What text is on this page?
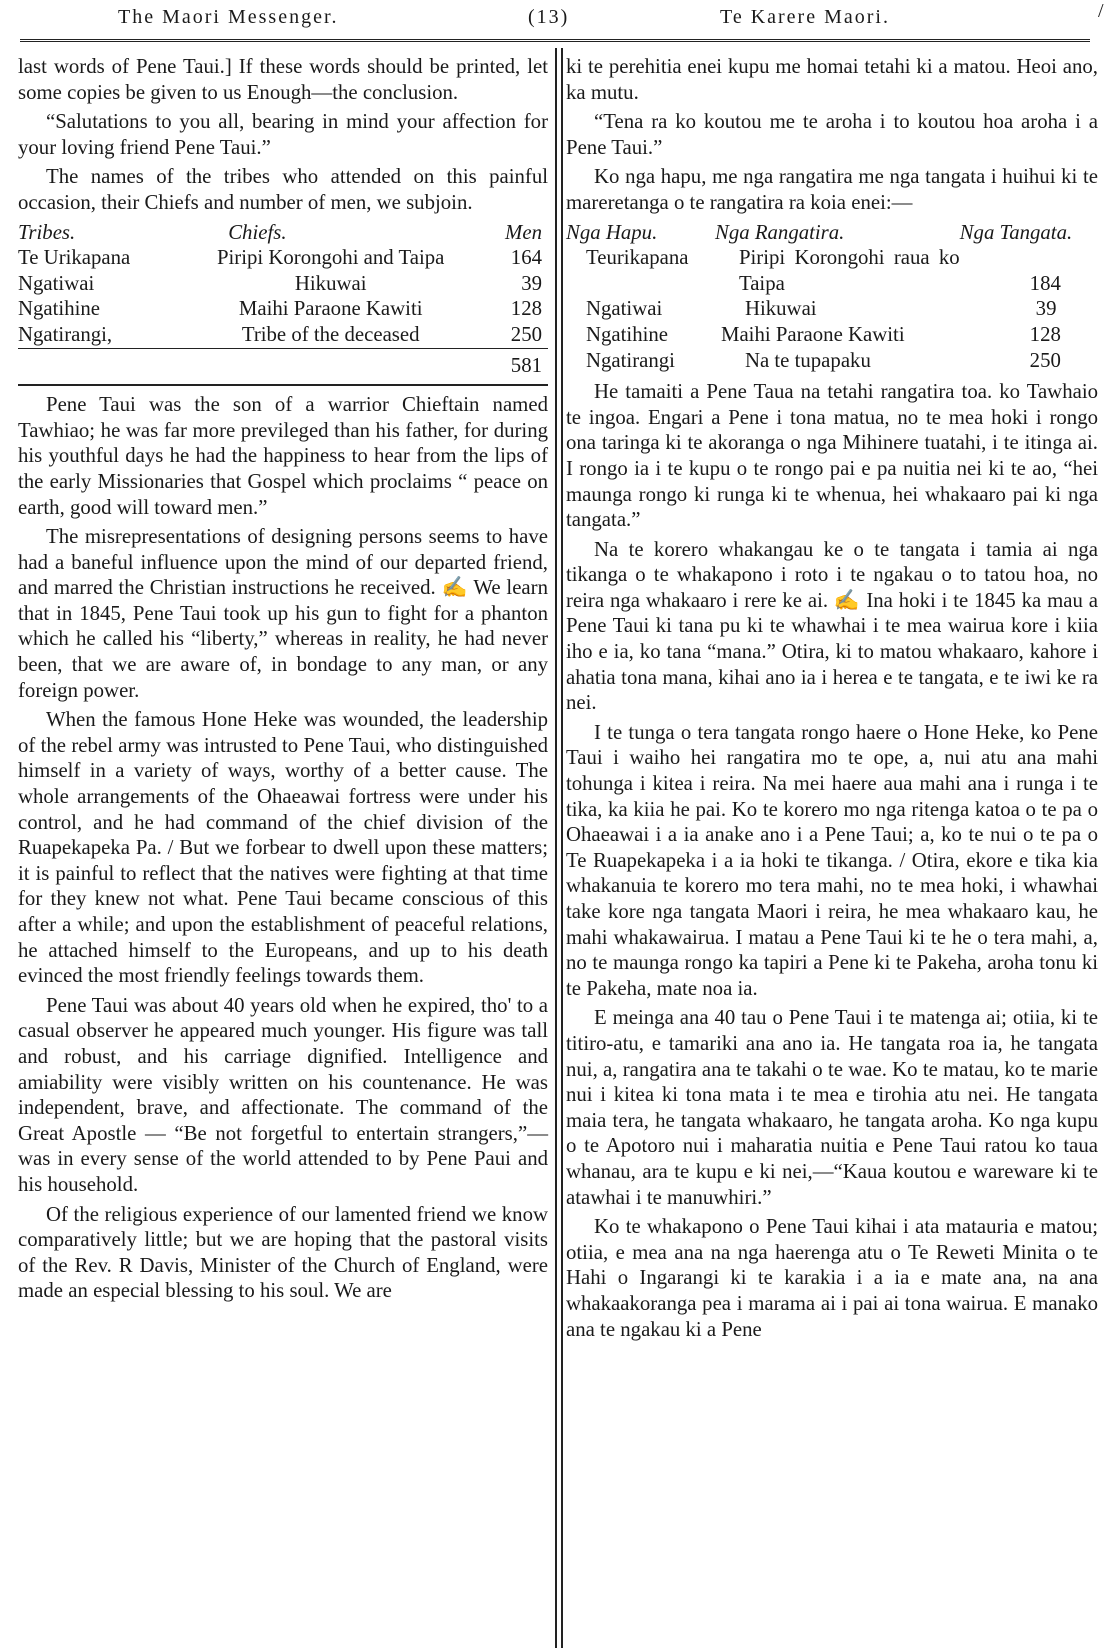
The Maori Messenger.	(13)	Te Karere Maori.	/

last words of Pene Taui.] If these words should be printed, let some copies be given to us Enough—the conclusion.

“Salutations to you all, bearing in mind your affection for your loving friend Pene Taui.”

The names of the tribes who attended on this painful occasion, their Chiefs and number of men, we subjoin.

Tribes.	Chiefs.	Men
Te Urikapana	Piripi Korongohi and Taipa	164
Ngatiwai	Hikuwai	39
Ngatihine	Maihi Paraone Kawiti	128
Ngatirangi,	Tribe of the deceased	250
		581

Pene Taui was the son of a warrior Chieftain named Tawhiao; he was far more previleged than his father, for during his youthful days he had the happiness to hear from the lips of the early Missionaries that Gospel which proclaims “ peace on earth, good will toward men.”

The misrepresentations of designing persons seems to have had a baneful influence upon the mind of our departed friend, and marred the Christian instructions he received. ✍ We learn that in 1845, Pene Taui took up his gun to fight for a phanton which he called his “liberty,” whereas in reality, he had never been, that we are aware of, in bondage to any man, or any foreign power.

When the famous Hone Heke was wounded, the leadership of the rebel army was intrusted to Pene Taui, who distinguished himself in a variety of ways, worthy of a better cause. The whole arrangements of the Ohaeawai fortress were under his control, and he had command of the chief division of the Ruapekapeka Pa. / But we forbear to dwell upon these matters; it is painful to reflect that the natives were fighting at that time for they knew not what. Pene Taui became conscious of this after a while; and upon the establishment of peaceful relations, he attached himself to the Europeans, and up to his death evinced the most friendly feelings towards them.

Pene Taui was about 40 years old when he expired, tho' to a casual observer he appeared much younger. His figure was tall and robust, and his carriage dignified. Intelligence and amiability were visibly written on his countenance. He was independent, brave, and affectionate. The command of the Great Apostle — “Be not forgetful to entertain strangers,”—was in every sense of the world attended to by Pene Paui and his household.

Of the religious experience of our lamented friend we know comparatively little; but we are hoping that the pastoral visits of the Rev. R Davis, Minister of the Church of England, were made an especial blessing to his soul. We are

ki te perehitia enei kupu me homai tetahi ki a matou. Heoi ano, ka mutu.

“Tena ra ko koutou me te aroha i to koutou hoa aroha i a Pene Taui.”

Ko nga hapu, me nga rangatira me nga tangata i huihui ki te mareretanga o te rangatira ra koia enei:—

Nga Hapu.	Nga Rangatira.	Nga Tangata.
Teurikapana	Piripi Korongohi raua ko Taipa	184
Ngatiwai	Hikuwai	39
Ngatihine	Maihi Paraone Kawiti	128
Ngatirangi	Na te tupapaku	250

He tamaiti a Pene Taua na tetahi rangatira toa. ko Tawhaio te ingoa. Engari a Pene i tona matua, no te mea hoki i rongo ona taringa ki te akoranga o nga Mihinere tuatahi, i te itinga ai. I rongo ia i te kupu o te rongo pai e pa nuitia nei ki te ao, “hei maunga rongo ki runga ki te whenua, hei whakaaro pai ki nga tangata.”

Na te korero whakangau ke o te tangata i tamia ai nga tikanga o te whakapono i roto i te ngakau o to tatou hoa, no reira nga whakaaro i rere ke ai. ✍ Ina hoki i te 1845 ka mau a Pene Taui ki tana pu ki te whawhai i te mea wairua kore i kiia iho e ia, ko tana “mana.” Otira, ki to matou whakaaro, kahore i ahatia tona mana, kihai ano ia i herea e te tangata, e te iwi ke ra nei.

I te tunga o tera tangata rongo haere o Hone Heke, ko Pene Taui i waiho hei rangatira mo te ope, a, nui atu ana mahi tohunga i kitea i reira. Na mei haere aua mahi ana i runga i te tika, ka kiia he pai. Ko te korero mo nga ritenga katoa o te pa o Ohaeawai i a ia anake ano i a Pene Taui; a, ko te nui o te pa o Te Ruapekapeka i a ia hoki te tikanga. / Otira, ekore e tika kia whakanuia te korero mo tera mahi, no te mea hoki, i whawhai take kore nga tangata Maori i reira, he mea whakaaro kau, he mahi whakawairua. I matau a Pene Taui ki te he o tera mahi, a, no te maunga rongo ka tapiri a Pene ki te Pakeha, aroha tonu ki te Pakeha, mate noa ia.

E meinga ana 40 tau o Pene Taui i te matenga ai; otiia, ki te titiro-atu, e tamariki ana ano ia. He tangata roa ia, he tangata nui, a, rangatira ana te takahi o te wae. Ko te matau, ko te marie nui i kitea ki tona mata i te mea e tirohia atu nei. He tangata maia tera, he tangata whakaaro, he tangata aroha. Ko nga kupu o te Apotoro nui i maharatia nuitia e Pene Taui ratou ko taua whanau, ara te kupu e ki nei,—“Kaua koutou e wareware ki te atawhai i te manuwhiri.”

Ko te whakapono o Pene Taui kihai i ata matauria e matou; otiia, e mea ana na nga haerenga atu o Te Reweti Minita o te Hahi o Ingarangi ki te karakia i a ia e mate ana, na ana whakaakoranga pea i marama ai i pai ai tona wairua. E manako ana te ngakau ki a Pene
